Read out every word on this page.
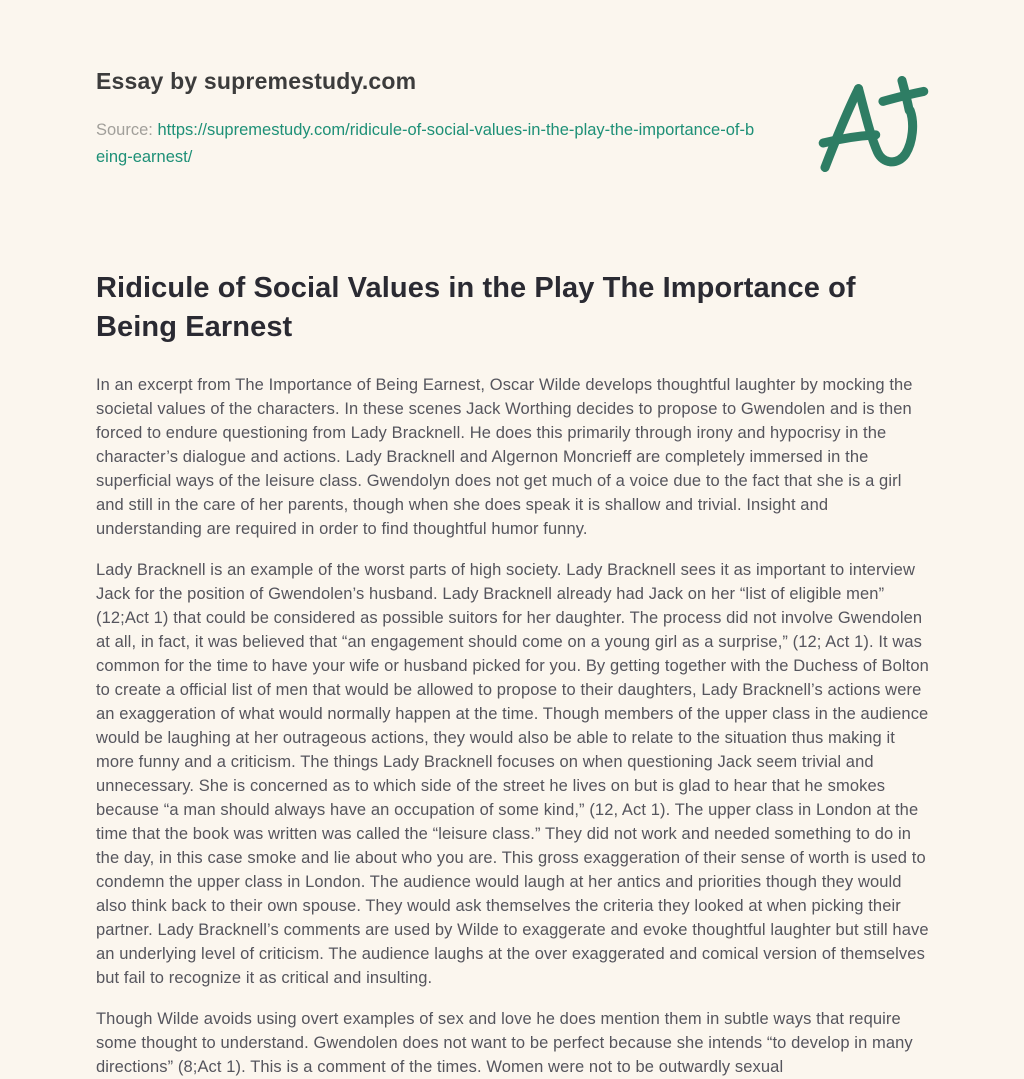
Essay by supremestudy.com
Source: https://supremestudy.com/ridicule-of-social-values-in-the-play-the-importance-of-being-earnest/
Ridicule of Social Values in the Play The Importance of Being Earnest

In an excerpt from The Importance of Being Earnest, Oscar Wilde develops thoughtful laughter by mocking the societal values of the characters. In these scenes Jack Worthing decides to propose to Gwendolen and is then forced to endure questioning from Lady Bracknell. He does this primarily through irony and hypocrisy in the character’s dialogue and actions. Lady Bracknell and Algernon Moncrieff are completely immersed in the superficial ways of the leisure class. Gwendolyn does not get much of a voice due to the fact that she is a girl and still in the care of her parents, though when she does speak it is shallow and trivial. Insight and understanding are required in order to find thoughtful humor funny.

Lady Bracknell is an example of the worst parts of high society. Lady Bracknell sees it as important to interview Jack for the position of Gwendolen’s husband. Lady Bracknell already had Jack on her “list of eligible men” (12;Act 1) that could be considered as possible suitors for her daughter. The process did not involve Gwendolen at all, in fact, it was believed that “an engagement should come on a young girl as a surprise,” (12; Act 1). It was common for the time to have your wife or husband picked for you. By getting together with the Duchess of Bolton to create a official list of men that would be allowed to propose to their daughters, Lady Bracknell’s actions were an exaggeration of what would normally happen at the time. Though members of the upper class in the audience would be laughing at her outrageous actions, they would also be able to relate to the situation thus making it more funny and a criticism. The things Lady Bracknell focuses on when questioning Jack seem trivial and unnecessary. She is concerned as to which side of the street he lives on but is glad to hear that he smokes because “a man should always have an occupation of some kind,” (12, Act 1). The upper class in London at the time that the book was written was called the “leisure class.” They did not work and needed something to do in the day, in this case smoke and lie about who you are. This gross exaggeration of their sense of worth is used to condemn the upper class in London. The audience would laugh at her antics and priorities though they would also think back to their own spouse. They would ask themselves the criteria they looked at when picking their partner. Lady Bracknell’s comments are used by Wilde to exaggerate and evoke thoughtful laughter but still have an underlying level of criticism. The audience laughs at the over exaggerated and comical version of themselves but fail to recognize it as critical and insulting.

Though Wilde avoids using overt examples of sex and love he does mention them in subtle ways that require some thought to understand. Gwendolen does not want to be perfect because she intends “to develop in many directions” (8;Act 1). This is a comment of the times. Women were not to be outwardly sexual
